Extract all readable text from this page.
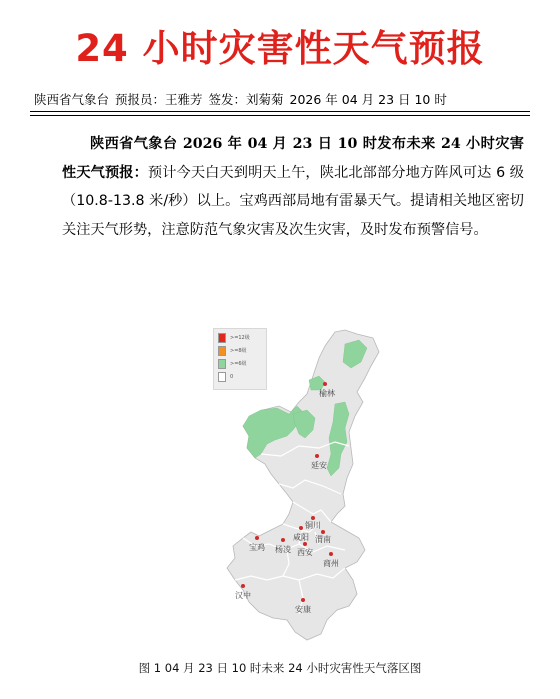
24 小时灾害性天气预报
陕西省气象台 预报员：王雅芳 签发：刘菊菊 2026 年 04 月 23 日 10 时

陕西省气象台 2026 年 04 月 23 日 10 时发布未来 24 小时灾害性天气预报：预计今天白天到明天上午，陕北北部部分地方阵风可达 6 级（10.8-13.8 米/秒）以上。宝鸡西部局地有雷暴天气。提请相关地区密切关注天气形势，注意防范气象灾害及次生灾害，及时发布预警信号。

榆林
延安
铜川
宝鸡 杨凌
咸阳
西安
渭南
商州
汉中
安康
>=12级
>=8级
>=6级
0
图 1 04 月 23 日 10 时未来 24 小时灾害性天气落区图
